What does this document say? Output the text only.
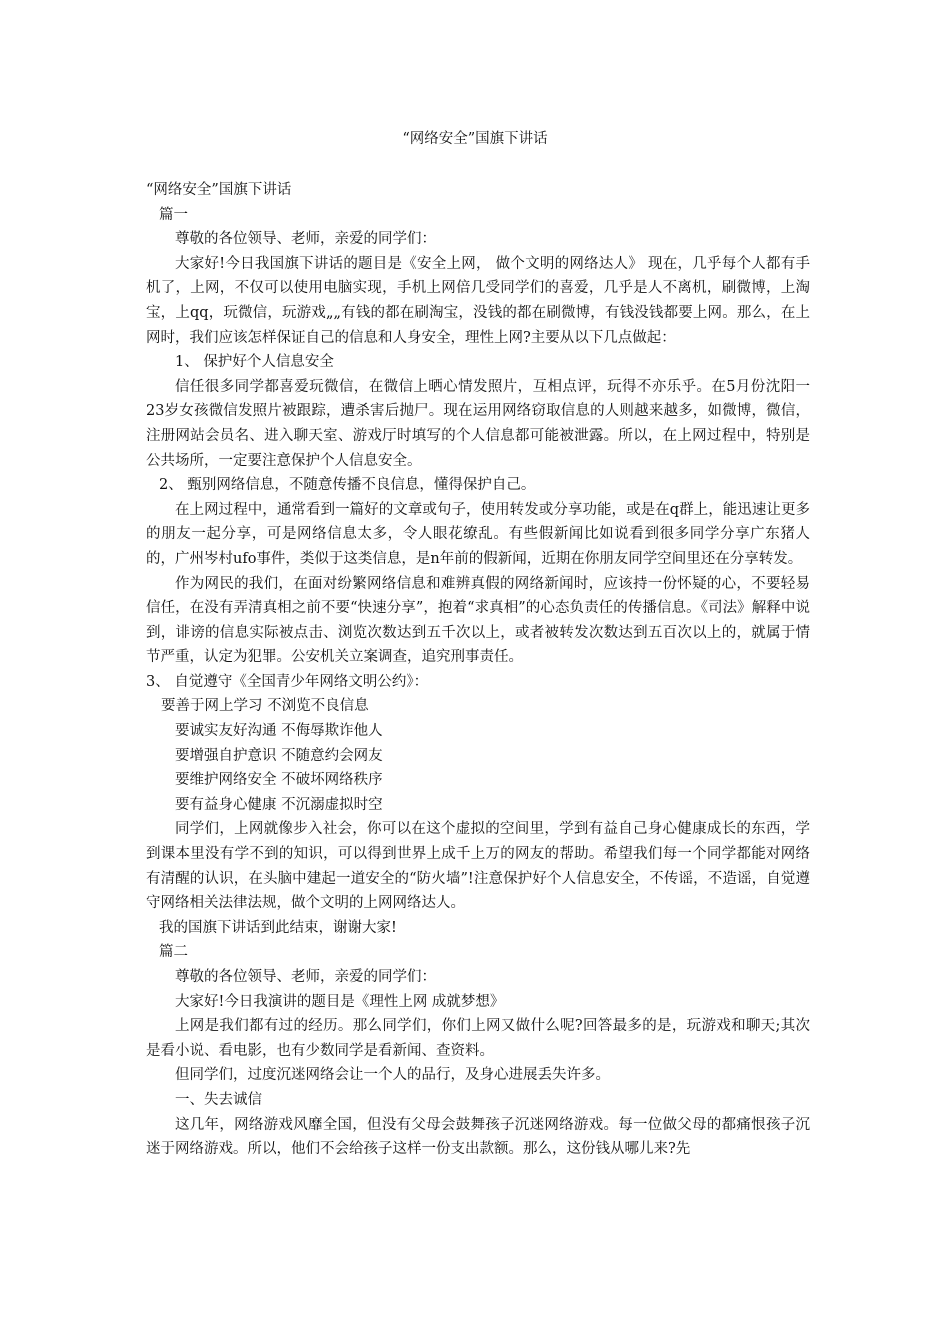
“网络安全”国旗下讲话

“网络安全”国旗下讲话

篇一

尊敬的各位领导、老师，亲爱的同学们：

大家好!今日我国旗下讲话的题目是《安全上网， 做个文明的网络达人》 现在，几乎每个人都有手机了，上网，不仅可以使用电脑实现，手机上网倍几受同学们的喜爱，几乎是人不离机，刷微博，上淘宝，上qq，玩微信，玩游戏„„有钱的都在刷淘宝，没钱的都在刷微博，有钱没钱都要上网。那么，在上网时，我们应该怎样保证自己的信息和人身安全，理性上网?主要从以下几点做起：

1、 保护好个人信息安全

信任很多同学都喜爱玩微信，在微信上晒心情发照片，互相点评，玩得不亦乐乎。在5月份沈阳一23岁女孩微信发照片被跟踪，遭杀害后抛尸。现在运用网络窃取信息的人则越来越多，如微博，微信，注册网站会员名、进入聊天室、游戏厅时填写的个人信息都可能被泄露。所以，在上网过程中，特别是公共场所，一定要注意保护个人信息安全。

2、 甄别网络信息，不随意传播不良信息，懂得保护自己。

在上网过程中，通常看到一篇好的文章或句子，使用转发或分享功能，或是在q群上，能迅速让更多的朋友一起分享，可是网络信息太多，令人眼花缭乱。有些假新闻比如说看到很多同学分享广东猪人的，广州岑村ufo事件，类似于这类信息，是n年前的假新闻，近期在你朋友同学空间里还在分享转发。

作为网民的我们，在面对纷繁网络信息和难辨真假的网络新闻时，应该持一份怀疑的心，不要轻易信任，在没有弄清真相之前不要“快速分享”，抱着“求真相”的心态负责任的传播信息。《司法》解释中说到，诽谤的信息实际被点击、浏览次数达到五千次以上，或者被转发次数达到五百次以上的，就属于情节严重，认定为犯罪。公安机关立案调查，追究刑事责任。

3、 自觉遵守《全国青少年网络文明公约》：

要善于网上学习 不浏览不良信息

要诚实友好沟通 不侮辱欺诈他人

要增强自护意识 不随意约会网友

要维护网络安全 不破坏网络秩序

要有益身心健康 不沉溺虚拟时空

同学们，上网就像步入社会，你可以在这个虚拟的空间里，学到有益自己身心健康成长的东西，学到课本里没有学不到的知识，可以得到世界上成千上万的网友的帮助。希望我们每一个同学都能对网络有清醒的认识，在头脑中建起一道安全的“防火墙”!注意保护好个人信息安全，不传谣，不造谣，自觉遵守网络相关法律法规，做个文明的上网网络达人。

我的国旗下讲话到此结束，谢谢大家!

篇二

尊敬的各位领导、老师，亲爱的同学们：

大家好!今日我演讲的题目是《理性上网 成就梦想》

上网是我们都有过的经历。那么同学们，你们上网又做什么呢?回答最多的是，玩游戏和聊天;其次是看小说、看电影，也有少数同学是看新闻、查资料。

但同学们，过度沉迷网络会让一个人的品行，及身心进展丢失许多。

一、失去诚信

这几年，网络游戏风靡全国，但没有父母会鼓舞孩子沉迷网络游戏。每一位做父母的都痛恨孩子沉迷于网络游戏。所以，他们不会给孩子这样一份支出款额。那么，这份钱从哪儿来?先
